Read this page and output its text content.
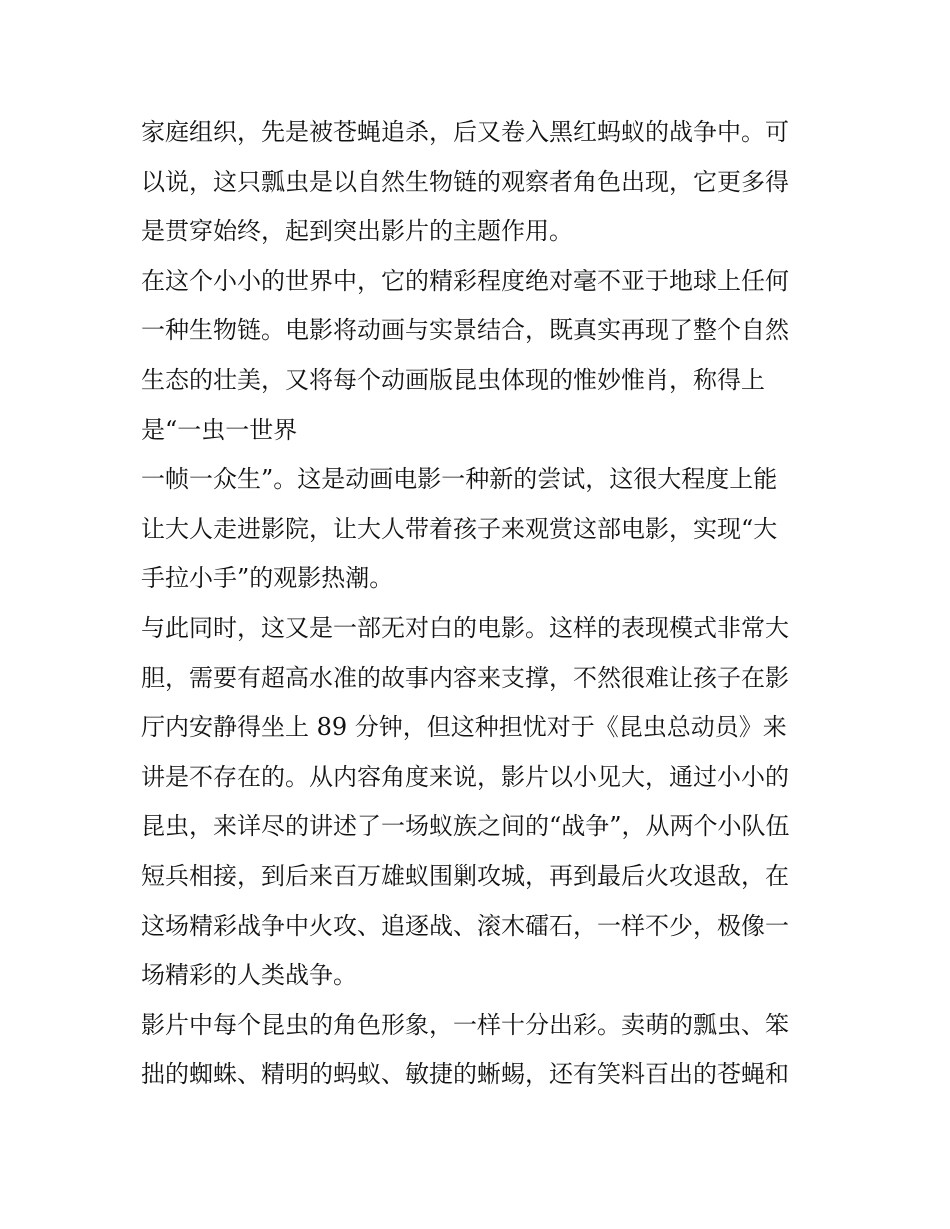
家庭组织，先是被苍蝇追杀，后又卷入黑红蚂蚁的战争中。可
以说，这只瓢虫是以自然生物链的观察者角色出现，它更多得
是贯穿始终，起到突出影片的主题作用。
在这个小小的世界中，它的精彩程度绝对毫不亚于地球上任何
一种生物链。电影将动画与实景结合，既真实再现了整个自然
生态的壮美，又将每个动画版昆虫体现的惟妙惟肖，称得上
是“一虫一世界
一帧一众生”。这是动画电影一种新的尝试，这很大程度上能
让大人走进影院，让大人带着孩子来观赏这部电影，实现“大
手拉小手”的观影热潮。
与此同时，这又是一部无对白的电影。这样的表现模式非常大
胆，需要有超高水准的故事内容来支撑，不然很难让孩子在影
厅内安静得坐上 89 分钟，但这种担忧对于《昆虫总动员》来
讲是不存在的。从内容角度来说，影片以小见大，通过小小的
昆虫，来详尽的讲述了一场蚁族之间的“战争”，从两个小队伍
短兵相接，到后来百万雄蚁围剿攻城，再到最后火攻退敌，在
这场精彩战争中火攻、追逐战、滚木礌石，一样不少，极像一
场精彩的人类战争。
影片中每个昆虫的角色形象，一样十分出彩。卖萌的瓢虫、笨
拙的蜘蛛、精明的蚂蚁、敏捷的蜥蜴，还有笑料百出的苍蝇和
